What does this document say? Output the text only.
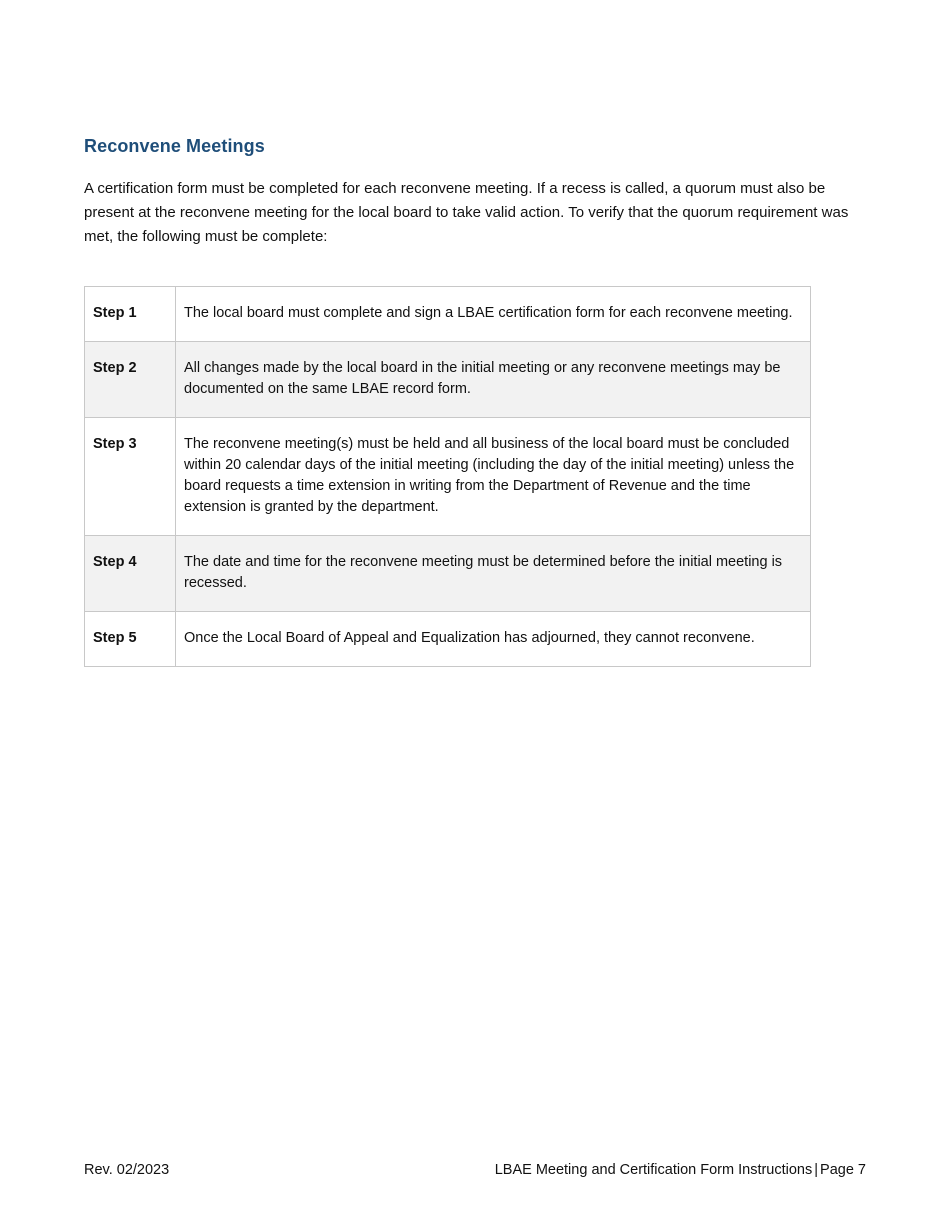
Reconvene Meetings

A certification form must be completed for each reconvene meeting. If a recess is called, a quorum must also be present at the reconvene meeting for the local board to take valid action. To verify that the quorum requirement was met, the following must be complete:

Step 1	The local board must complete and sign a LBAE certification form for each reconvene meeting.
Step 2	All changes made by the local board in the initial meeting or any reconvene meetings may be documented on the same LBAE record form.
Step 3	The reconvene meeting(s) must be held and all business of the local board must be concluded within 20 calendar days of the initial meeting (including the day of the initial meeting) unless the board requests a time extension in writing from the Department of Revenue and the time extension is granted by the department.
Step 4	The date and time for the reconvene meeting must be determined before the initial meeting is recessed.
Step 5	Once the Local Board of Appeal and Equalization has adjourned, they cannot reconvene.
Rev. 02/2023	LBAE Meeting and Certification Form Instructions | Page 7
